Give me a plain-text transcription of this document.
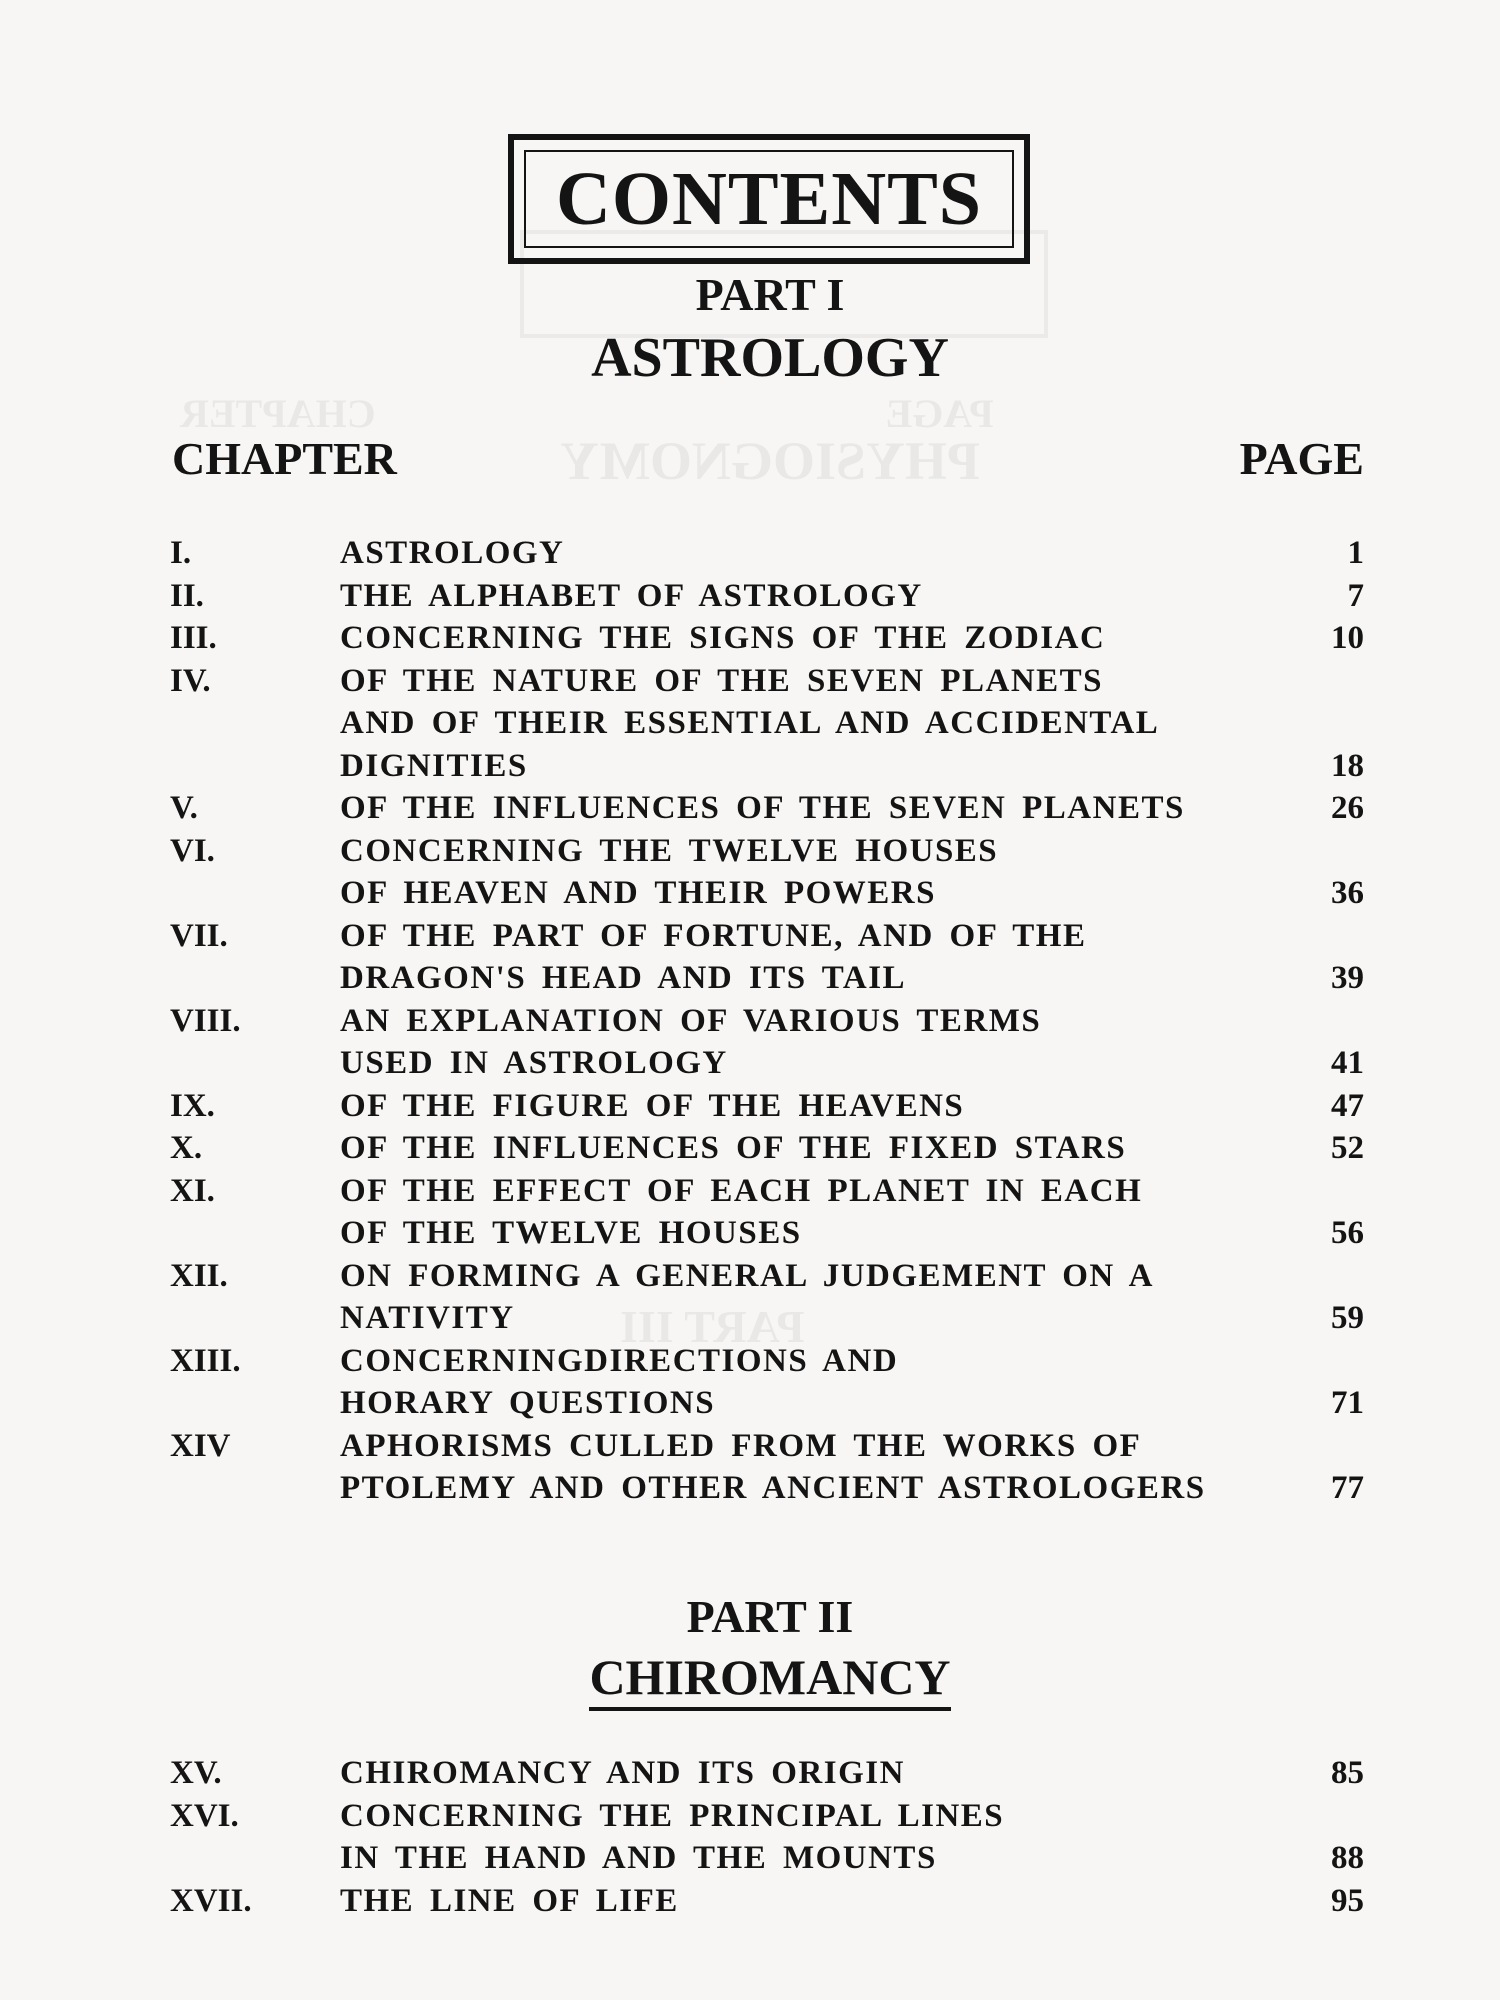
PAGE                                                   CHAPTER
PHYSIOGNOMY
PART III
CONTENTS
PART I
ASTROLOGY
CHAPTER	PAGE
I.	ASTROLOGY	1
II.	THE ALPHABET OF ASTROLOGY	7
III.	CONCERNING THE SIGNS OF THE ZODIAC	10
IV.	OF THE NATURE OF THE SEVEN PLANETS
AND OF THEIR ESSENTIAL AND ACCIDENTAL
DIGNITIES	18
V.	OF THE INFLUENCES OF THE SEVEN PLANETS	26
VI.	CONCERNING THE TWELVE HOUSES
OF HEAVEN AND THEIR POWERS	36
VII.	OF THE PART OF FORTUNE, AND OF THE
DRAGON'S HEAD AND ITS TAIL	39
VIII.	AN EXPLANATION OF VARIOUS TERMS
USED IN ASTROLOGY	41
IX.	OF THE FIGURE OF THE HEAVENS	47
X.	OF THE INFLUENCES OF THE FIXED STARS	52
XI.	OF THE EFFECT OF EACH PLANET IN EACH
OF THE TWELVE HOUSES	56
XII.	ON FORMING A GENERAL JUDGEMENT ON A
NATIVITY	59
XIII.	CONCERNINGDIRECTIONS AND
HORARY QUESTIONS	71
XIV	APHORISMS CULLED FROM THE WORKS OF
PTOLEMY AND OTHER ANCIENT ASTROLOGERS	77
PART II
CHIROMANCY
XV.	CHIROMANCY AND ITS ORIGIN	85
XVI.	CONCERNING THE PRINCIPAL LINES
IN THE HAND AND THE MOUNTS	88
XVII.	THE LINE OF LIFE	95
